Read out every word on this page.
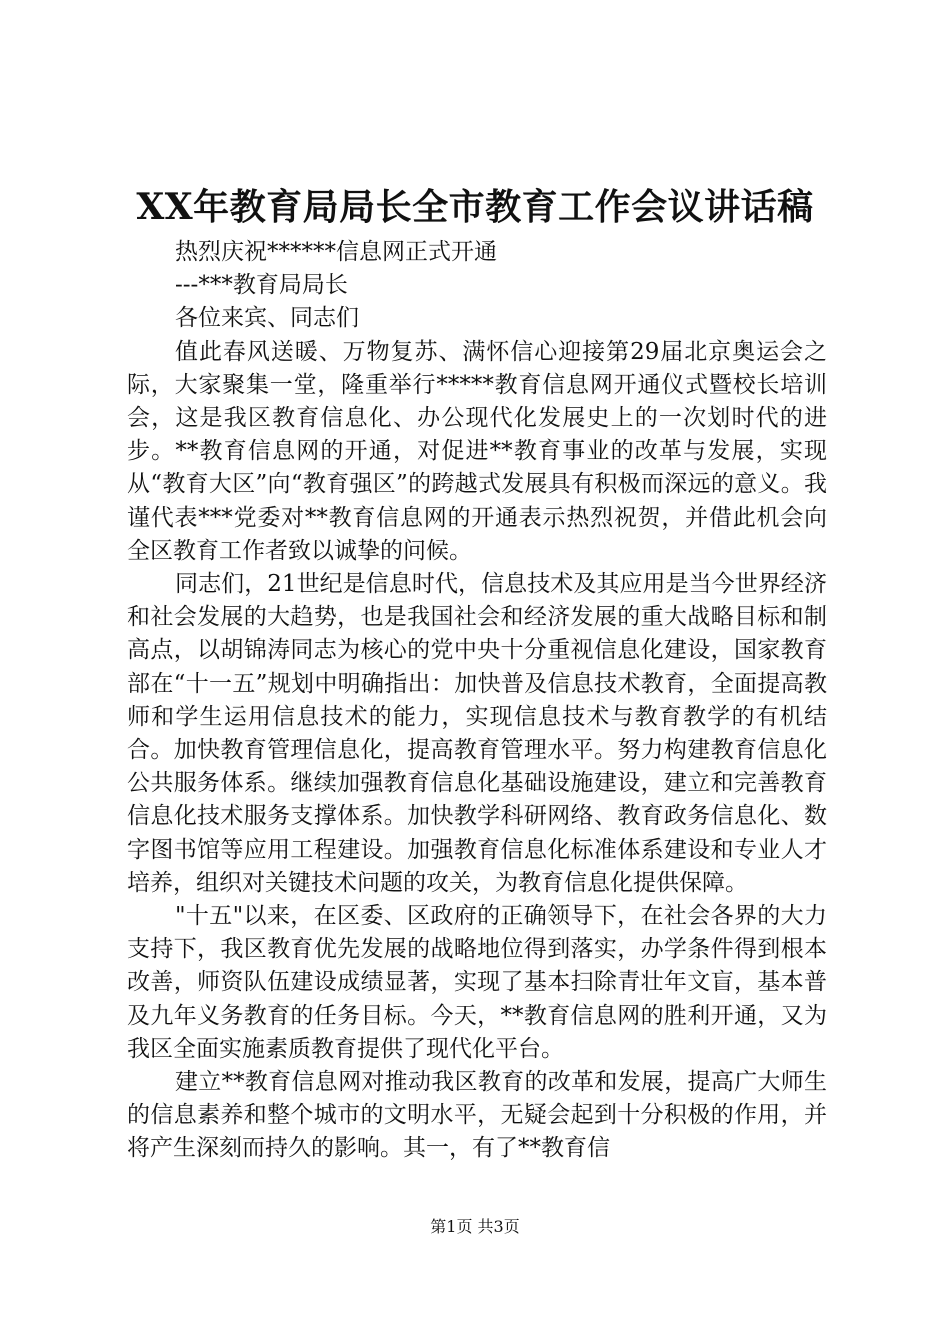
XX年教育局局长全市教育工作会议讲话稿

热烈庆祝******信息网正式开通

---***教育局局长

各位来宾、同志们

值此春风送暖、万物复苏、满怀信心迎接第29届北京奥运会之际，大家聚集一堂，隆重举行*****教育信息网开通仪式暨校长培训会，这是我区教育信息化、办公现代化发展史上的一次划时代的进步。**教育信息网的开通，对促进**教育事业的改革与发展，实现从“教育大区”向“教育强区”的跨越式发展具有积极而深远的意义。我谨代表***党委对**教育信息网的开通表示热烈祝贺，并借此机会向全区教育工作者致以诚挚的问候。

同志们，21世纪是信息时代，信息技术及其应用是当今世界经济和社会发展的大趋势，也是我国社会和经济发展的重大战略目标和制高点，以胡锦涛同志为核心的党中央十分重视信息化建设，国家教育部在“十一五”规划中明确指出：加快普及信息技术教育，全面提高教师和学生运用信息技术的能力，实现信息技术与教育教学的有机结合。加快教育管理信息化，提高教育管理水平。努力构建教育信息化公共服务体系。继续加强教育信息化基础设施建设，建立和完善教育信息化技术服务支撑体系。加快教学科研网络、教育政务信息化、数字图书馆等应用工程建设。加强教育信息化标准体系建设和专业人才培养，组织对关键技术问题的攻关，为教育信息化提供保障。

"十五"以来，在区委、区政府的正确领导下，在社会各界的大力支持下，我区教育优先发展的战略地位得到落实，办学条件得到根本改善，师资队伍建设成绩显著，实现了基本扫除青壮年文盲，基本普及九年义务教育的任务目标。今天，**教育信息网的胜利开通，又为我区全面实施素质教育提供了现代化平台。

建立**教育信息网对推动我区教育的改革和发展，提高广大师生的信息素养和整个城市的文明水平，无疑会起到十分积极的作用，并将产生深刻而持久的影响。其一，有了**教育信

第1页 共3页
